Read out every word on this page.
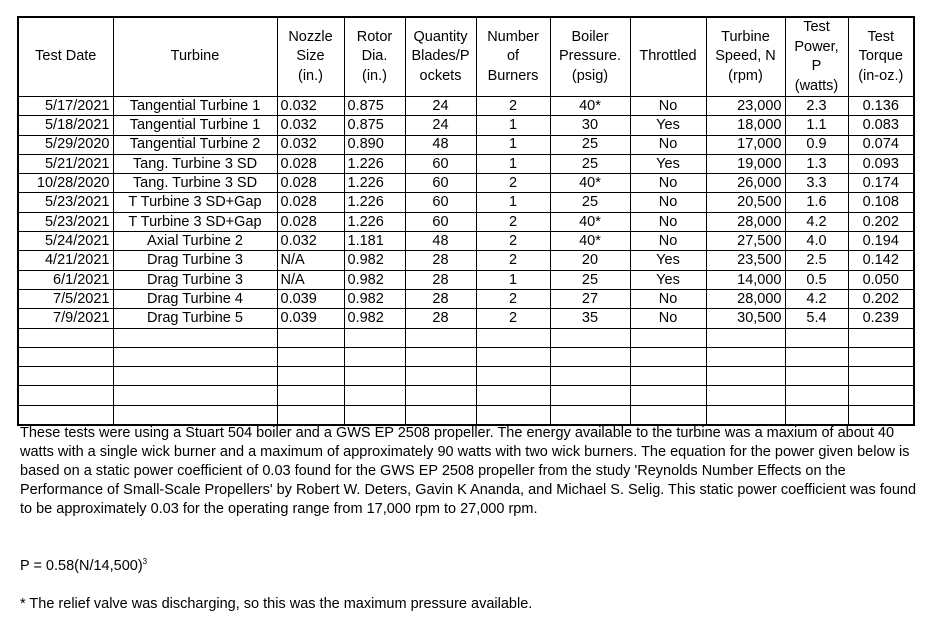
Test Date	Turbine	Nozzle
Size
(in.)	Rotor
Dia.
(in.)	Quantity
Blades/P
ockets	Number
of
Burners	Boiler
Pressure.
(psig)	Throttled	Turbine
Speed, N
(rpm)	Test
Power,
P
(watts)	Test
Torque
(in-oz.)
5/17/2021	Tangential Turbine 1	0.032	0.875	24	2	40*	No	23,000	2.3	0.136
5/18/2021	Tangential Turbine 1	0.032	0.875	24	1	30	Yes	18,000	1.1	0.083
5/29/2020	Tangential Turbine 2	0.032	0.890	48	1	25	No	17,000	0.9	0.074
5/21/2021	Tang. Turbine 3 SD	0.028	1.226	60	1	25	Yes	19,000	1.3	0.093
10/28/2020	Tang. Turbine 3 SD	0.028	1.226	60	2	40*	No	26,000	3.3	0.174
5/23/2021	T Turbine 3 SD+Gap	0.028	1.226	60	1	25	No	20,500	1.6	0.108
5/23/2021	T Turbine 3 SD+Gap	0.028	1.226	60	2	40*	No	28,000	4.2	0.202
5/24/2021	Axial Turbine 2	0.032	1.181	48	2	40*	No	27,500	4.0	0.194
4/21/2021	Drag Turbine 3	N/A	0.982	28	2	20	Yes	23,500	2.5	0.142
6/1/2021	Drag Turbine 3	N/A	0.982	28	1	25	Yes	14,000	0.5	0.050
7/5/2021	Drag Turbine 4	0.039	0.982	28	2	27	No	28,000	4.2	0.202
7/9/2021	Drag Turbine 5	0.039	0.982	28	2	35	No	30,500	5.4	0.239

These tests were using a Stuart 504 boiler and a GWS EP 2508 propeller. The energy available to the turbine was a maxium of about 40 watts with a single wick burner and a maximum of approximately 90 watts with two wick burners. The equation for the power given below is based on a static power coefficient of 0.03 found for the GWS EP 2508 propeller from the study 'Reynolds Number Effects on the Performance of Small-Scale Propellers' by Robert W. Deters, Gavin K Ananda, and Michael S. Selig. This static power coefficient was found to be approximately 0.03 for the operating range from 17,000 rpm to 27,000 rpm.

$P = 0.58(N/14,500)^3$
* The relief valve was discharging, so this was the maximum pressure available.
